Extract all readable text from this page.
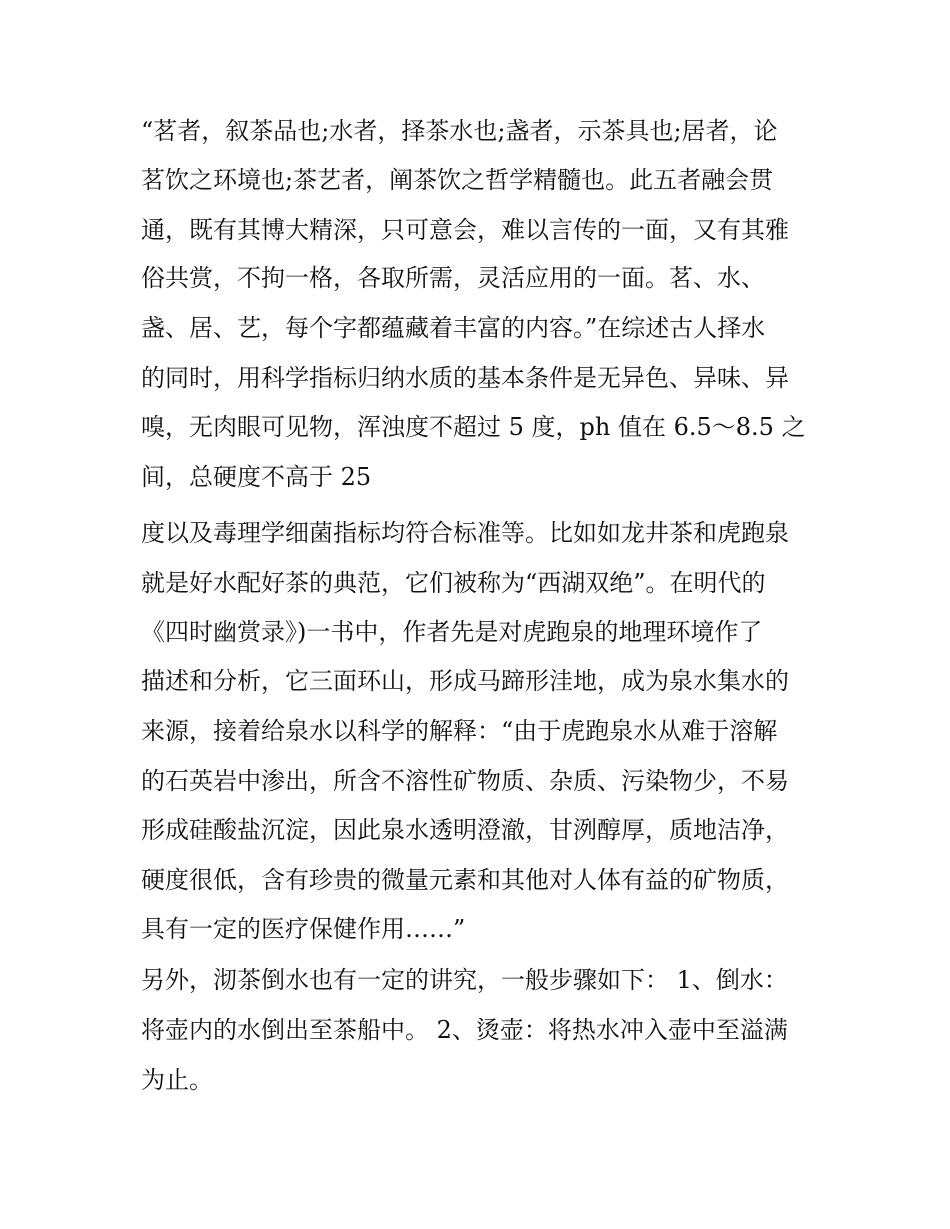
“茗者，叙茶品也;水者，择茶水也;盏者，示茶具也;居者，论
茗饮之环境也;茶艺者，阐茶饮之哲学精髓也。此五者融会贯
通，既有其博大精深，只可意会，难以言传的一面，又有其雅
俗共赏，不拘一格，各取所需，灵活应用的一面。茗、水、
盏、居、艺，每个字都蕴藏着丰富的内容。”在综述古人择水
的同时，用科学指标归纳水质的基本条件是无异色、异味、异
嗅，无肉眼可见物，浑浊度不超过 5 度，ph 值在 6.5～8.5 之
间，总硬度不高于 25
度以及毒理学细菌指标均符合标准等。比如如龙井茶和虎跑泉
就是好水配好茶的典范，它们被称为“西湖双绝”。在明代的
《四时幽赏录》)一书中，作者先是对虎跑泉的地理环境作了
描述和分析，它三面环山，形成马蹄形洼地，成为泉水集水的
来源，接着给泉水以科学的解释：“由于虎跑泉水从难于溶解
的石英岩中渗出，所含不溶性矿物质、杂质、污染物少，不易
形成硅酸盐沉淀，因此泉水透明澄澈，甘洌醇厚，质地洁净，
硬度很低，含有珍贵的微量元素和其他对人体有益的矿物质，
具有一定的医疗保健作用……”
另外，沏茶倒水也有一定的讲究，一般步骤如下： 1、倒水：
将壶内的水倒出至茶船中。 2、烫壶：将热水冲入壶中至溢满
为止。
